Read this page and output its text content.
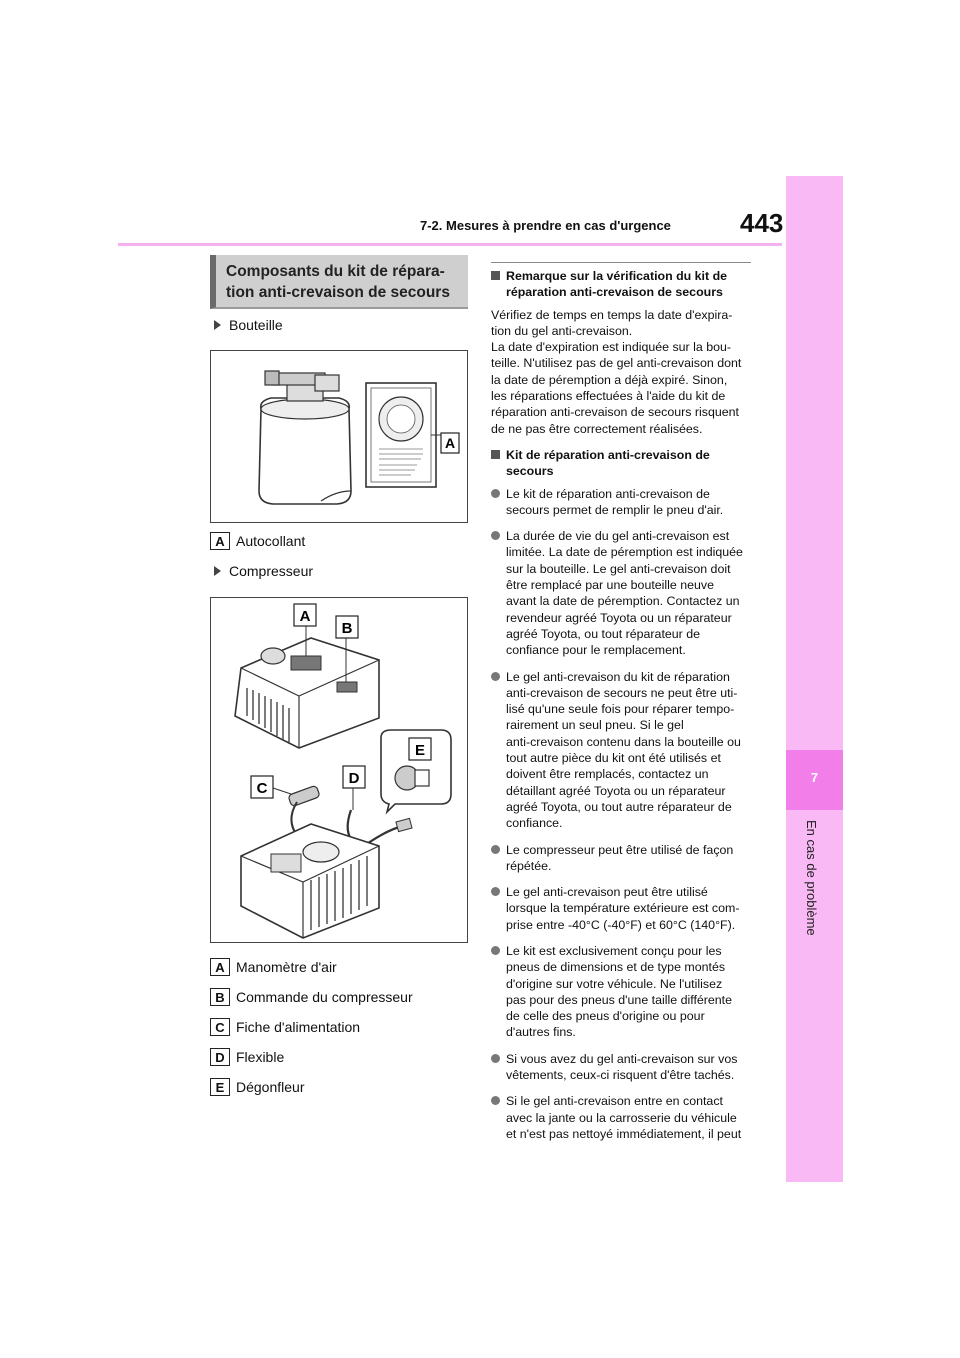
7-2. Mesures à prendre en cas d'urgence	443
7
En cas de problème
Composants du kit de répara-
tion anti-crevaison de secours
Bouteille
A
A Autocollant
Compresseur
A
B
E
C
D
A Manomètre d'air
B Commande du compresseur
C Fiche d'alimentation
D Flexible
E Dégonfleur
Remarque sur la vérification du kit de réparation anti-crevaison de secours

Vérifiez de temps en temps la date d'expira-
tion du gel anti-crevaison.
La date d'expiration est indiquée sur la bou-
teille. N'utilisez pas de gel anti-crevaison dont
la date de péremption a déjà expiré. Sinon,
les réparations effectuées à l'aide du kit de
réparation anti-crevaison de secours risquent
de ne pas être correctement réalisées.

Kit de réparation anti-crevaison de secours
Le kit de réparation anti-crevaison de
secours permet de remplir le pneu d'air.
La durée de vie du gel anti-crevaison est
limitée. La date de péremption est indiquée
sur la bouteille. Le gel anti-crevaison doit
être remplacé par une bouteille neuve
avant la date de péremption. Contactez un
revendeur agréé Toyota ou un réparateur
agréé Toyota, ou tout réparateur de
confiance pour le remplacement.
Le gel anti-crevaison du kit de réparation
anti-crevaison de secours ne peut être uti-
lisé qu'une seule fois pour réparer tempo-
rairement un seul pneu. Si le gel
anti-crevaison contenu dans la bouteille ou
tout autre pièce du kit ont été utilisés et
doivent être remplacés, contactez un
détaillant agréé Toyota ou un réparateur
agréé Toyota, ou tout autre réparateur de
confiance.
Le compresseur peut être utilisé de façon
répétée.
Le gel anti-crevaison peut être utilisé
lorsque la température extérieure est com-
prise entre -40°C (-40°F) et 60°C (140°F).
Le kit est exclusivement conçu pour les
pneus de dimensions et de type montés
d'origine sur votre véhicule. Ne l'utilisez
pas pour des pneus d'une taille différente
de celle des pneus d'origine ou pour
d'autres fins.
Si vous avez du gel anti-crevaison sur vos
vêtements, ceux-ci risquent d'être tachés.
Si le gel anti-crevaison entre en contact
avec la jante ou la carrosserie du véhicule
et n'est pas nettoyé immédiatement, il peut
